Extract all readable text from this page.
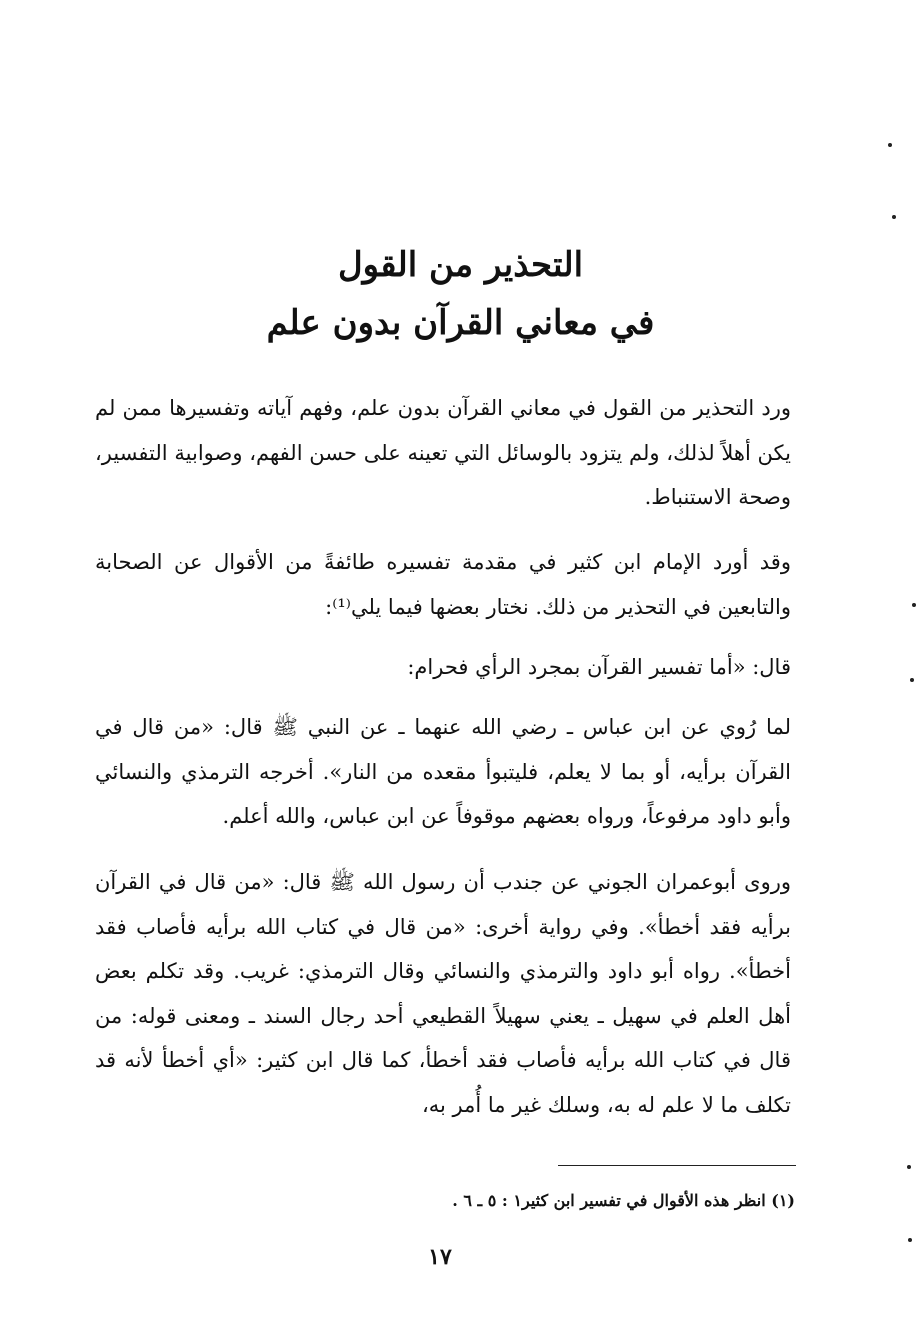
التحذير من القول
في معاني القرآن بدون علم

ورد التحذير من القول في معاني القرآن بدون علم، وفهم آياته وتفسيرها ممن لم يكن أهلاً لذلك، ولم يتزود بالوسائل التي تعينه على حسن الفهم، وصوابية التفسير، وصحة الاستنباط.

وقد أورد الإمام ابن كثير في مقدمة تفسيره طائفةً من الأقوال عن الصحابة والتابعين في التحذير من ذلك. نختار بعضها فيما يلي⁽¹⁾:

قال: «أما تفسير القرآن بمجرد الرأي فحرام:

لما رُوي عن ابن عباس ـ رضي الله عنهما ـ عن النبي ﷺ قال: «من قال في القرآن برأيه، أو بما لا يعلم، فليتبوأ مقعده من النار». أخرجه الترمذي والنسائي وأبو داود مرفوعاً، ورواه بعضهم موقوفاً عن ابن عباس، والله أعلم.

وروى أبوعمران الجوني عن جندب أن رسول الله ﷺ قال: «من قال في القرآن برأيه فقد أخطأ». وفي رواية أخرى: «من قال في كتاب الله برأيه فأصاب فقد أخطأ». رواه أبو داود والترمذي والنسائي وقال الترمذي: غريب. وقد تكلم بعض أهل العلم في سهيل ـ يعني سهيلاً القطيعي أحد رجال السند ـ ومعنى قوله: من قال في كتاب الله برأيه فأصاب فقد أخطأ، كما قال ابن كثير: «أي أخطأ لأنه قد تكلف ما لا علم له به، وسلك غير ما أُمر به،

(١) انظر هذه الأقوال في تفسير ابن كثير١ : ٥ ـ ٦ .

١٧
